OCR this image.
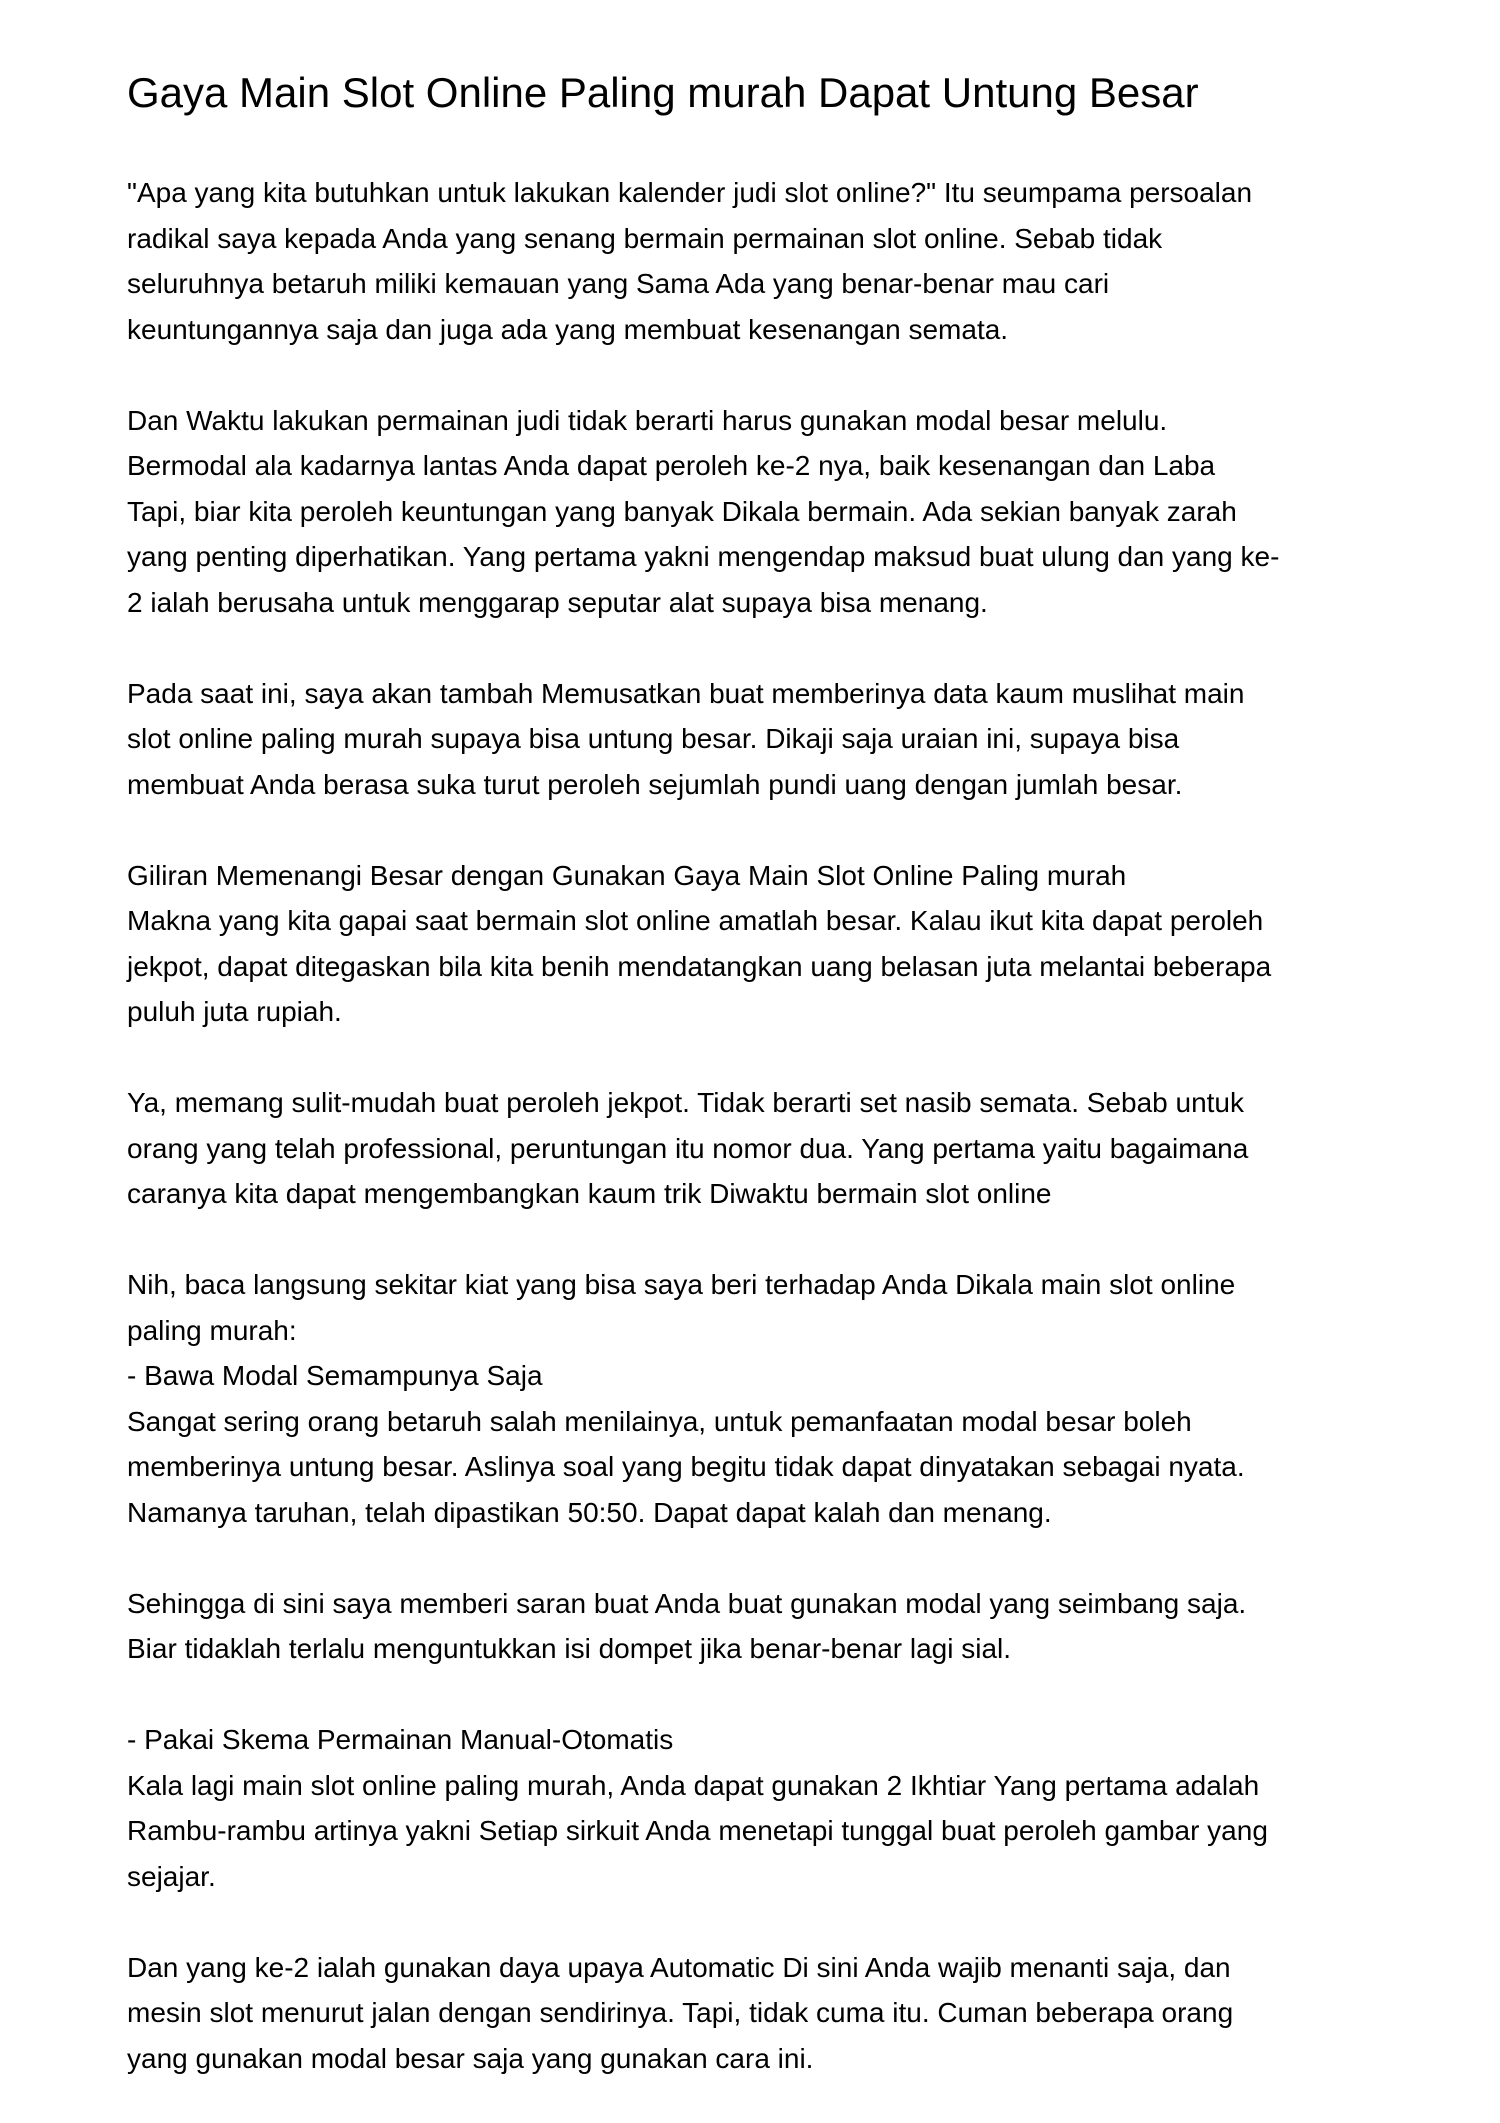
Gaya Main Slot Online Paling murah Dapat Untung Besar
"Apa yang kita butuhkan untuk lakukan kalender judi slot online?" Itu seumpama persoalan
radikal saya kepada Anda yang senang bermain permainan slot online. Sebab tidak
seluruhnya betaruh miliki kemauan yang Sama Ada yang benar-benar mau cari
keuntungannya saja dan juga ada yang membuat kesenangan semata.
Dan Waktu lakukan permainan judi tidak berarti harus gunakan modal besar melulu.
Bermodal ala kadarnya lantas Anda dapat peroleh ke-2 nya, baik kesenangan dan Laba
Tapi, biar kita peroleh keuntungan yang banyak Dikala bermain. Ada sekian banyak zarah
yang penting diperhatikan. Yang pertama yakni mengendap maksud buat ulung dan yang ke-
2 ialah berusaha untuk menggarap seputar alat supaya bisa menang.
Pada saat ini, saya akan tambah Memusatkan buat memberinya data kaum muslihat main
slot online paling murah supaya bisa untung besar. Dikaji saja uraian ini, supaya bisa
membuat Anda berasa suka turut peroleh sejumlah pundi uang dengan jumlah besar.
Giliran Memenangi Besar dengan Gunakan Gaya Main Slot Online Paling murah
Makna yang kita gapai saat bermain slot online amatlah besar. Kalau ikut kita dapat peroleh
jekpot, dapat ditegaskan bila kita benih mendatangkan uang belasan juta melantai beberapa
puluh juta rupiah.
Ya, memang sulit-mudah buat peroleh jekpot. Tidak berarti set nasib semata. Sebab untuk
orang yang telah professional, peruntungan itu nomor dua. Yang pertama yaitu bagaimana
caranya kita dapat mengembangkan kaum trik Diwaktu bermain slot online
Nih, baca langsung sekitar kiat yang bisa saya beri terhadap Anda Dikala main slot online
paling murah:
- Bawa Modal Semampunya Saja
Sangat sering orang betaruh salah menilainya, untuk pemanfaatan modal besar boleh
memberinya untung besar. Aslinya soal yang begitu tidak dapat dinyatakan sebagai nyata.
Namanya taruhan, telah dipastikan 50:50. Dapat dapat kalah dan menang.
Sehingga di sini saya memberi saran buat Anda buat gunakan modal yang seimbang saja.
Biar tidaklah terlalu menguntukkan isi dompet jika benar-benar lagi sial.
- Pakai Skema Permainan Manual-Otomatis
Kala lagi main slot online paling murah, Anda dapat gunakan 2 Ikhtiar Yang pertama adalah
Rambu-rambu artinya yakni Setiap sirkuit Anda menetapi tunggal buat peroleh gambar yang
sejajar.
Dan yang ke-2 ialah gunakan daya upaya Automatic Di sini Anda wajib menanti saja, dan
mesin slot menurut jalan dengan sendirinya. Tapi, tidak cuma itu. Cuman beberapa orang
yang gunakan modal besar saja yang gunakan cara ini.
